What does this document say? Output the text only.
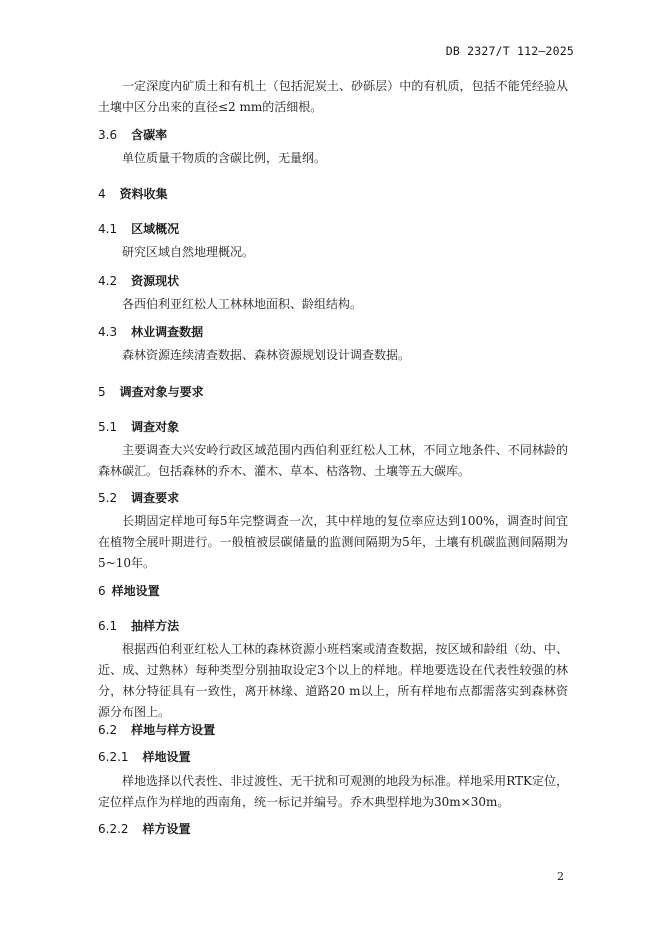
DB 2327/T 112—2025

一定深度内矿质土和有机土（包括泥炭土、砂砾层）中的有机质，包括不能凭经验从土壤中区分出来的直径≤2 mm的活细根。

3.6 含碳率

单位质量干物质的含碳比例，无量纲。

4 资料收集

4.1 区域概况

研究区域自然地理概况。

4.2 资源现状

各西伯利亚红松人工林林地面积、龄组结构。

4.3 林业调查数据

森林资源连续清查数据、森林资源规划设计调查数据。

5 调查对象与要求

5.1 调查对象

主要调查大兴安岭行政区域范围内西伯利亚红松人工林，不同立地条件、不同林龄的森林碳汇。包括森林的乔木、灌木、草本、枯落物、土壤等五大碳库。

5.2 调查要求

长期固定样地可每5年完整调查一次，其中样地的复位率应达到100%，调查时间宜在植物全展叶期进行。一般植被层碳储量的监测间隔期为5年，土壤有机碳监测间隔期为5~10年。

6 样地设置

6.1 抽样方法

根据西伯利亚红松人工林的森林资源小班档案或清查数据，按区域和龄组（幼、中、近、成、过熟林）每种类型分别抽取设定3个以上的样地。样地要选设在代表性较强的林分，林分特征具有一致性，离开林缘、道路20 m以上，所有样地布点都需落实到森林资源分布图上。

6.2 样地与样方设置

6.2.1 样地设置

样地选择以代表性、非过渡性、无干扰和可观测的地段为标准。样地采用RTK定位，定位样点作为样地的西南角，统一标记并编号。乔木典型样地为30m×30m。

6.2.2 样方设置

2
